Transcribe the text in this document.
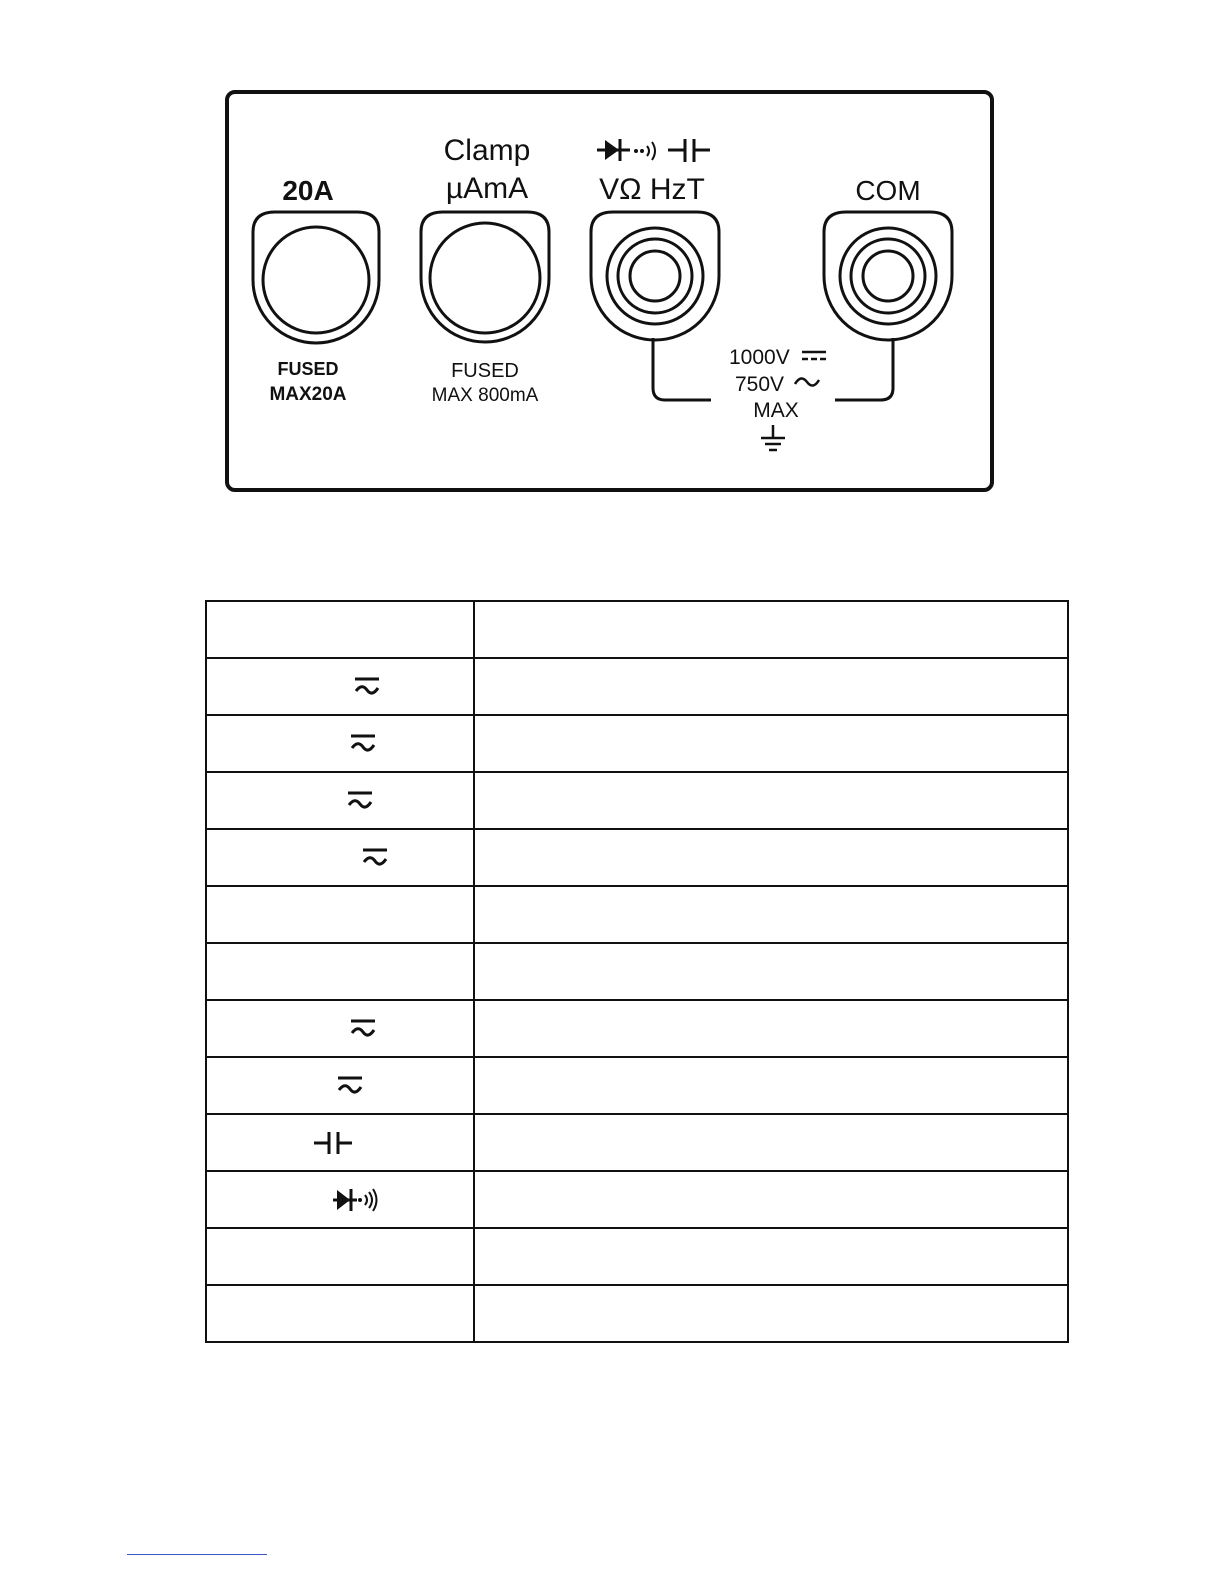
20A
FUSED
MAX20A
Clamp
µAmA
FUSED
MAX 800mA
VΩ HzT	COM
1000V
750V
MAX
